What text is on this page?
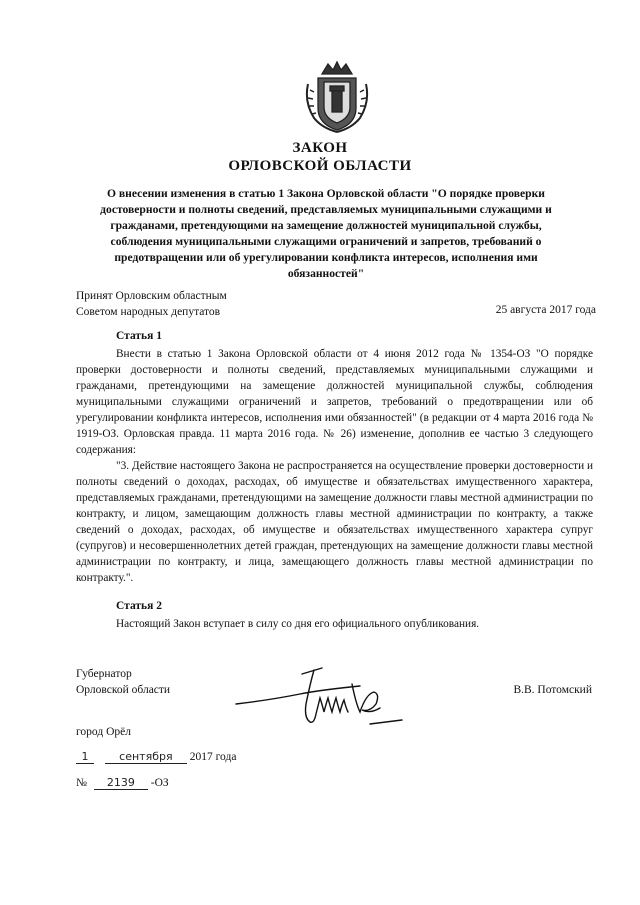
ЗАКОН
ОРЛОВСКОЙ ОБЛАСТИ
О внесении изменения в статью 1 Закона Орловской области "О порядке проверки достоверности и полноты сведений, представляемых муниципальными служащими и гражданами, претендующими на замещение должностей муниципальной службы, соблюдения муниципальными служащими ограничений и запретов, требований о предотвращении или об урегулировании конфликта интересов, исполнения ими обязанностей"
Принят Орловским областным
Советом народных депутатов	25 августа 2017 года
Статья 1

Внести в статью 1 Закона Орловской области от 4 июня 2012 года № 1354-ОЗ "О порядке проверки достоверности и полноты сведений, представляемых муниципальными служащими и гражданами, претендующими на замещение должностей муниципальной службы, соблюдения муниципальными служащими ограничений и запретов, требований о предотвращении или об урегулировании конфликта интересов, исполнения ими обязанностей" (в редакции от 4 марта 2016 года № 1919-ОЗ. Орловская правда. 11 марта 2016 года. № 26) изменение, дополнив ее частью 3 следующего содержания:

"3. Действие настоящего Закона не распространяется на осуществление проверки достоверности и полноты сведений о доходах, расходах, об имуществе и обязательствах имущественного характера, представляемых гражданами, претендующими на замещение должности главы местной администрации по контракту, и лицом, замещающим должность главы местной администрации по контракту, а также сведений о доходах, расходах, об имуществе и обязательствах имущественного характера супруг (супругов) и несовершеннолетних детей граждан, претендующих на замещение должности главы местной администрации по контракту, и лица, замещающего должность главы местной администрации по контракту.".

Статья 2

Настоящий Закон вступает в силу со дня его официального опубликования.

Губернатор
Орловской области	В.В. Потомский
город Орёл
1	сентября 2017 года
№ 2139 -ОЗ
